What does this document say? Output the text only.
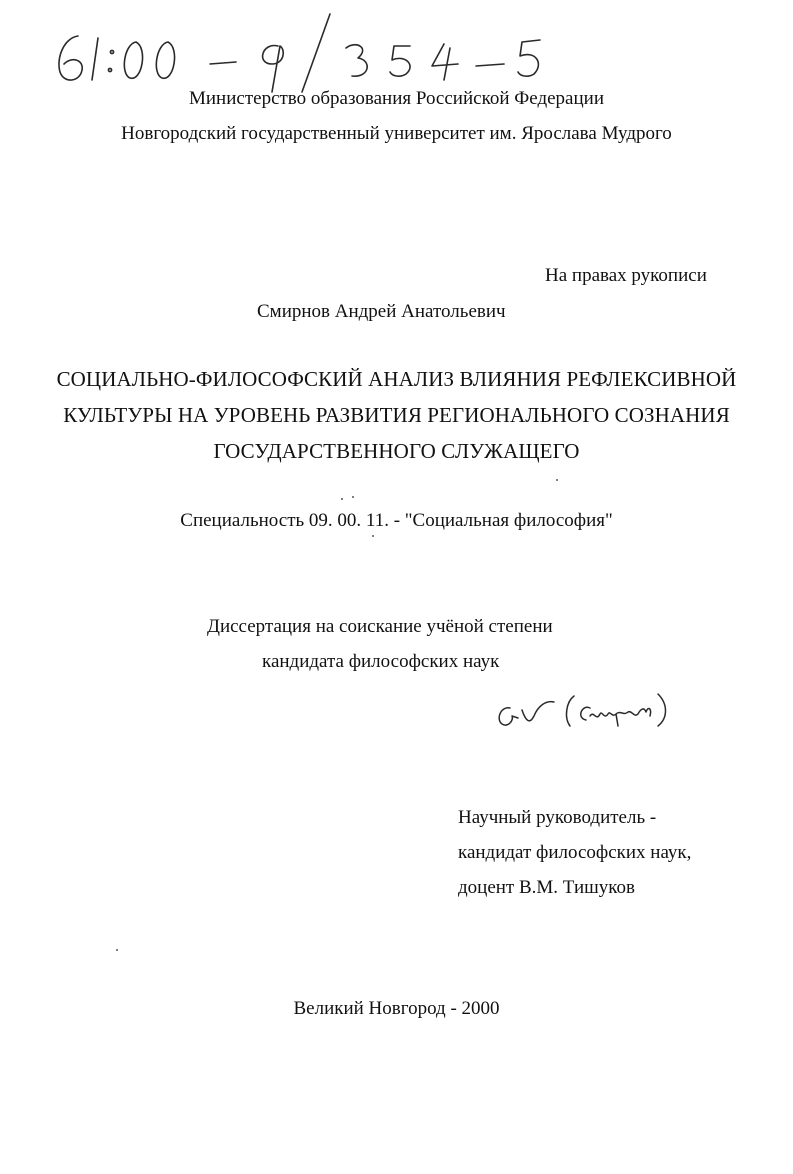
Министерство образования Российской Федерации
Новгородский государственный университет им. Ярослава Мудрого
На правах рукописи
Смирнов Андрей Анатольевич
СОЦИАЛЬНО-ФИЛОСОФСКИЙ АНАЛИЗ ВЛИЯНИЯ РЕФЛЕКСИВНОЙ
КУЛЬТУРЫ НА УРОВЕНЬ РАЗВИТИЯ РЕГИОНАЛЬНОГО СОЗНАНИЯ
ГОСУДАРСТВЕННОГО СЛУЖАЩЕГО
Специальность 09. 00. 11. - "Социальная философия"
Диссертация на соискание учёной степени
кандидата философских наук
Научный руководитель -
кандидат философских наук,
доцент В.М. Тишуков
Великий Новгород - 2000
